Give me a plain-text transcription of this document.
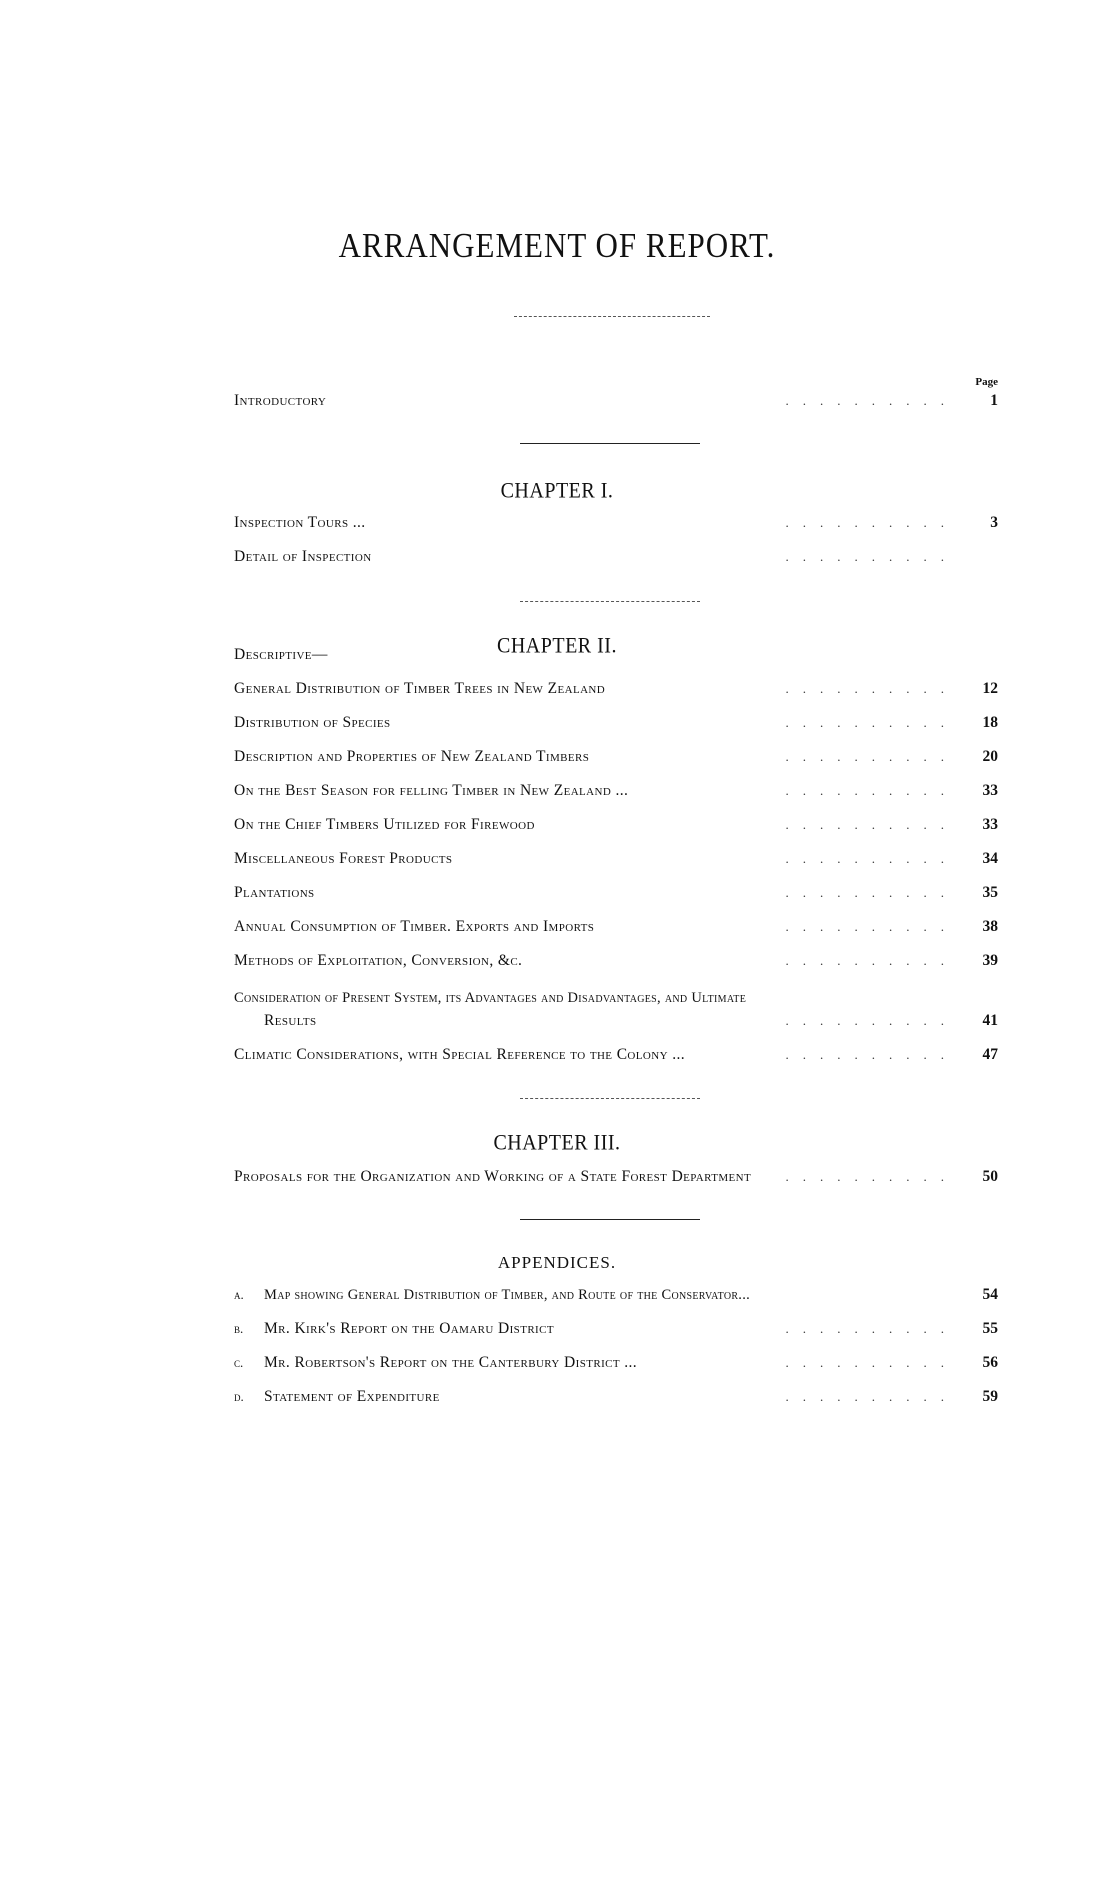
ARRANGEMENT OF REPORT.
Page
Introductory	..........	1
CHAPTER I.
Inspection Tours ...	..........	3
Detail of Inspection	..........
CHAPTER II.
Descriptive—
General Distribution of Timber Trees in New Zealand	..........	12
Distribution of Species	..........	18
Description and Properties of New Zealand Timbers	..........	20
On the Best Season for felling Timber in New Zealand ...	..........	33
On the Chief Timbers Utilized for Firewood	..........	33
Miscellaneous Forest Products	..........	34
Plantations	..........	35
Annual Consumption of Timber. Exports and Imports	..........	38
Methods of Exploitation, Conversion, &c.	..........	39
Consideration of Present System, its Advantages and Disadvantages, and Ultimate
Results	..........	41
Climatic Considerations, with Special Reference to the Colony ...	..........	47
CHAPTER III.
Proposals for the Organization and Working of a State Forest Department	..........	50
APPENDICES.
a.	Map showing General Distribution of Timber, and Route of the Conservator...	54
b.	Mr. Kirk's Report on the Oamaru District	..........	55
c.	Mr. Robertson's Report on the Canterbury District ...	..........	56
d.	Statement of Expenditure	..........	59
